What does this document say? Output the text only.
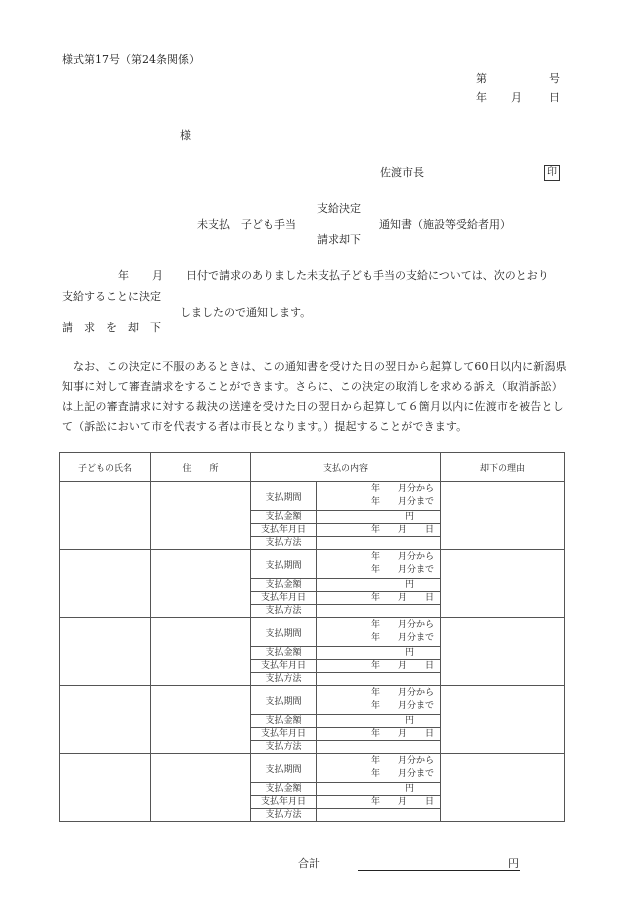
様式第17号（第24条関係）
第	号
年 月 日
様
佐渡市長	印
支給決定
未支払　子ども手当	通知書（施設等受給者用）
請求却下
年 月 日付で請求のありました未支払子ども手当の支給については、次のとおり
支給することに決定
しましたので通知します。
請　求　を　却　下
なお、この決定に不服のあるときは、この通知書を受けた日の翌日から起算して60日以内に新潟県知事に対して審査請求をすることができます。さらに、この決定の取消しを求める訴え（取消訴訟）は上記の審査請求に対する裁決の送達を受けた日の翌日から起算して６箇月以内に佐渡市を被告として（訴訟において市を代表する者は市長となります。）提起することができます。
子どもの氏名	住　　所	支払の内容		却下の理由
		支払期間	年　　月分から
年　　月分まで	

		支払金額	円	
		支払年月日	年　　月　　日	
		支払方法		
		支払期間	年　　月分から
年　　月分まで	

		支払金額	円	
		支払年月日	年　　月　　日	
		支払方法		
		支払期間	年　　月分から
年　　月分まで	

		支払金額	円	
		支払年月日	年　　月　　日	
		支払方法		
		支払期間	年　　月分から
年　　月分まで	

		支払金額	円	
		支払年月日	年　　月　　日	
		支払方法		
		支払期間	年　　月分から
年　　月分まで	

		支払金額	円	
		支払年月日	年　　月　　日	
		支払方法		
合計	円
